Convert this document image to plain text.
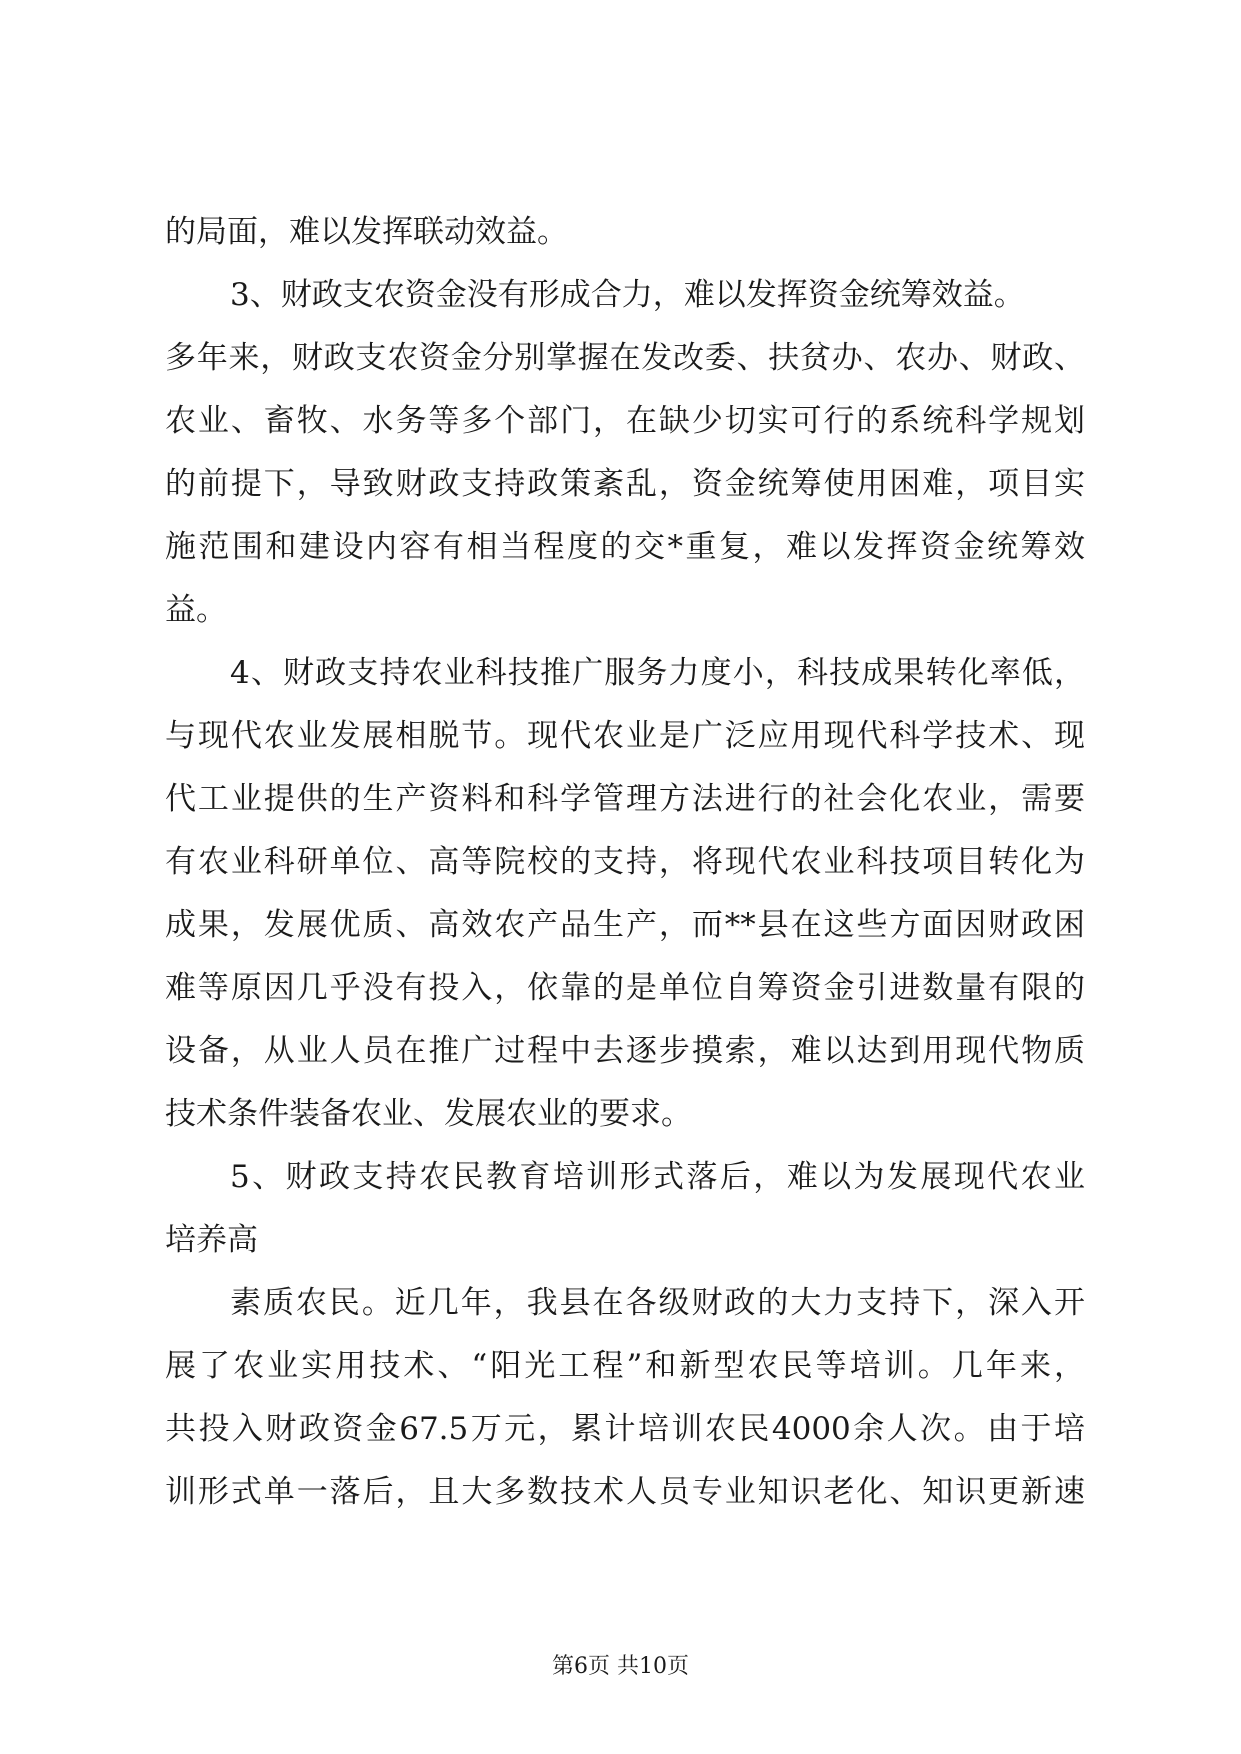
的局面，难以发挥联动效益。
3、财政支农资金没有形成合力，难以发挥资金统筹效益。
多年来，财政支农资金分别掌握在发改委、扶贫办、农办、财政、
农业、畜牧、水务等多个部门，在缺少切实可行的系统科学规划
的前提下，导致财政支持政策紊乱，资金统筹使用困难，项目实
施范围和建设内容有相当程度的交*重复，难以发挥资金统筹效
益。
4、财政支持农业科技推广服务力度小，科技成果转化率低，
与现代农业发展相脱节。现代农业是广泛应用现代科学技术、现
代工业提供的生产资料和科学管理方法进行的社会化农业，需要
有农业科研单位、高等院校的支持，将现代农业科技项目转化为
成果，发展优质、高效农产品生产，而**县在这些方面因财政困
难等原因几乎没有投入，依靠的是单位自筹资金引进数量有限的
设备，从业人员在推广过程中去逐步摸索，难以达到用现代物质
技术条件装备农业、发展农业的要求。
5、财政支持农民教育培训形式落后，难以为发展现代农业
培养高
素质农民。近几年，我县在各级财政的大力支持下，深入开
展了农业实用技术、“阳光工程”和新型农民等培训。几年来，
共投入财政资金67.5万元，累计培训农民4000余人次。由于培
训形式单一落后，且大多数技术人员专业知识老化、知识更新速
第6页 共10页
